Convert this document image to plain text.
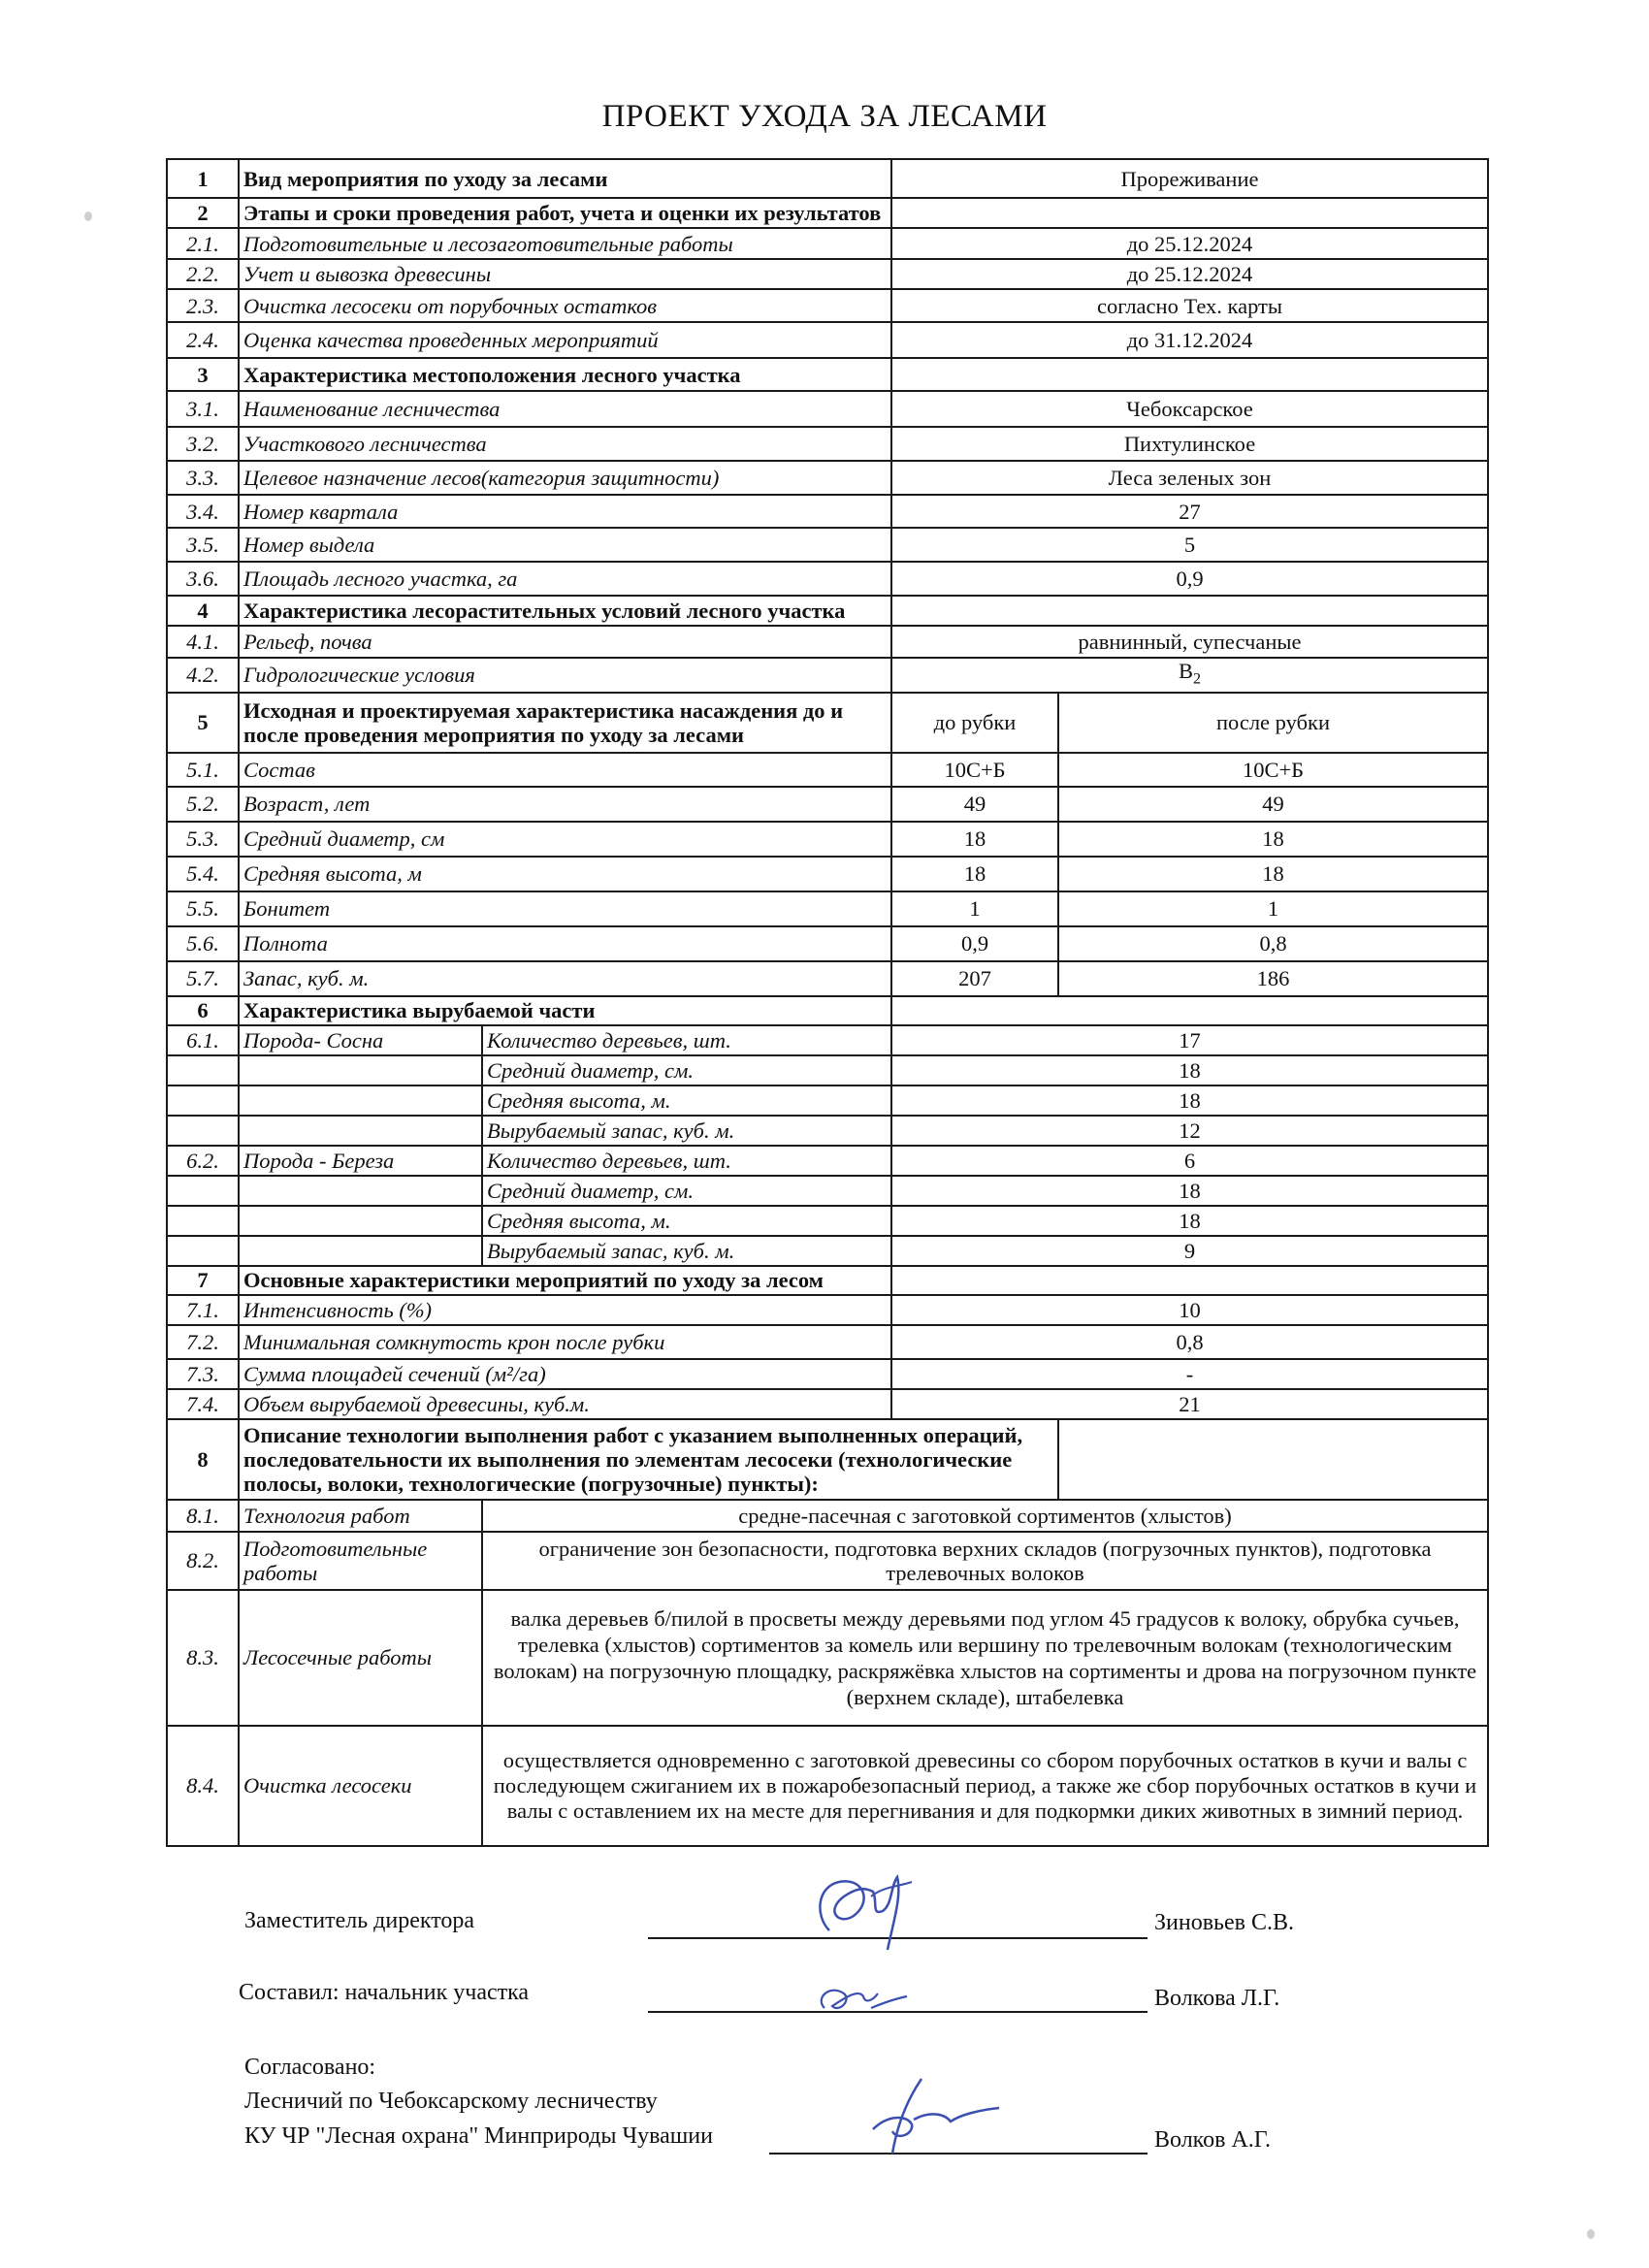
ПРОЕКТ УХОДА ЗА ЛЕСАМИ
1	Вид мероприятия по уходу за лесами		Прореживание	
2	Этапы и сроки проведения работ, учета и оценки их результатов			
2.1.	Подготовительные и лесозаготовительные работы		до 25.12.2024	
2.2.	Учет и вывозка древесины		до 25.12.2024	
2.3.	Очистка лесосеки от порубочных остатков		согласно Тех. карты	
2.4.	Оценка качества проведенных мероприятий		до 31.12.2024	
3	Характеристика местоположения лесного участка			
3.1.	Наименование лесничества		Чебоксарское	
3.2.	Участкового лесничества		Пихтулинское	
3.3.	Целевое назначение лесов(категория защитности)		Леса зеленых зон	
3.4.	Номер квартала		27	
3.5.	Номер выдела		5	
3.6.	Площадь лесного участка, га		0,9	
4	Характеристика лесорастительных условий лесного участка			
4.1.	Рельеф, почва		равнинный, супесчаные	
4.2.	Гидрологические условия		$В_2$
5	Исходная и проектируемая характеристика насаждения до и после проведения мероприятия по уходу за лесами		до рубки	после рубки
5.1.	Состав		10С+Б	10С+Б
5.2.	Возраст, лет		49	49
5.3.	Средний диаметр, см		18	18
5.4.	Средняя высота, м		18	18
5.5.	Бонитет		1	1
5.6.	Полнота		0,9	0,8
5.7.	Запас, куб. м.		207	186
6	Характеристика вырубаемой части			
6.1.	Порода- Сосна	Количество деревьев, шт.	17	
		Средний диаметр, см.	18	
		Средняя высота, м.	18	
		Вырубаемый запас, куб. м.	12	
6.2.	Порода - Береза	Количество деревьев, шт.	6	
		Средний диаметр, см.	18	
		Средняя высота, м.	18	
		Вырубаемый запас, куб. м.	9	
7	Основные характеристики мероприятий по уходу за лесом			
7.1.	Интенсивность (%)		10	
7.2.	Минимальная сомкнутость крон после рубки		0,8	
7.3.	Сумма площадей сечений (м²/га)		-	
7.4.	Объем вырубаемой древесины, куб.м.		21	
8	Описание технологии выполнения работ с указанием выполненных операций, последовательности их выполнения по элементам лесосеки (технологические полосы, волоки, технологические (погрузочные) пункты):			
8.1.	Технология работ	средне-пасечная с заготовкой сортиментов (хлыстов)		
8.2.	Подготовительные работы	ограничение зон безопасности, подготовка верхних складов (погрузочных пунктов), подготовка трелевочных волоков		
8.3.	Лесосечные работы	валка деревьев б/пилой в просветы между деревьями под углом 45 градусов к волоку, обрубка сучьев, трелевка (хлыстов) сортиментов за комель или вершину по трелевочным волокам (технологическим волокам) на погрузочную площадку, раскряжёвка хлыстов на сортименты и дрова на погрузочном пункте (верхнем складе), штабелевка		
8.4.	Очистка лесосеки	осуществляется одновременно с заготовкой древесины со сбором порубочных остатков в кучи и валы с последующем сжиганием их в пожаробезопасный период, а также же сбор порубочных остатков в кучи и валы с оставлением их на месте для перегнивания и для подкормки диких животных в зимний период.		
Заместитель директора	Зиновьев С.В.
Составил: начальник участка	Волкова Л.Г.
Согласовано:
Лесничий по Чебоксарскому лесничеству
КУ ЧР "Лесная охрана" Минприроды Чувашии	Волков А.Г.
